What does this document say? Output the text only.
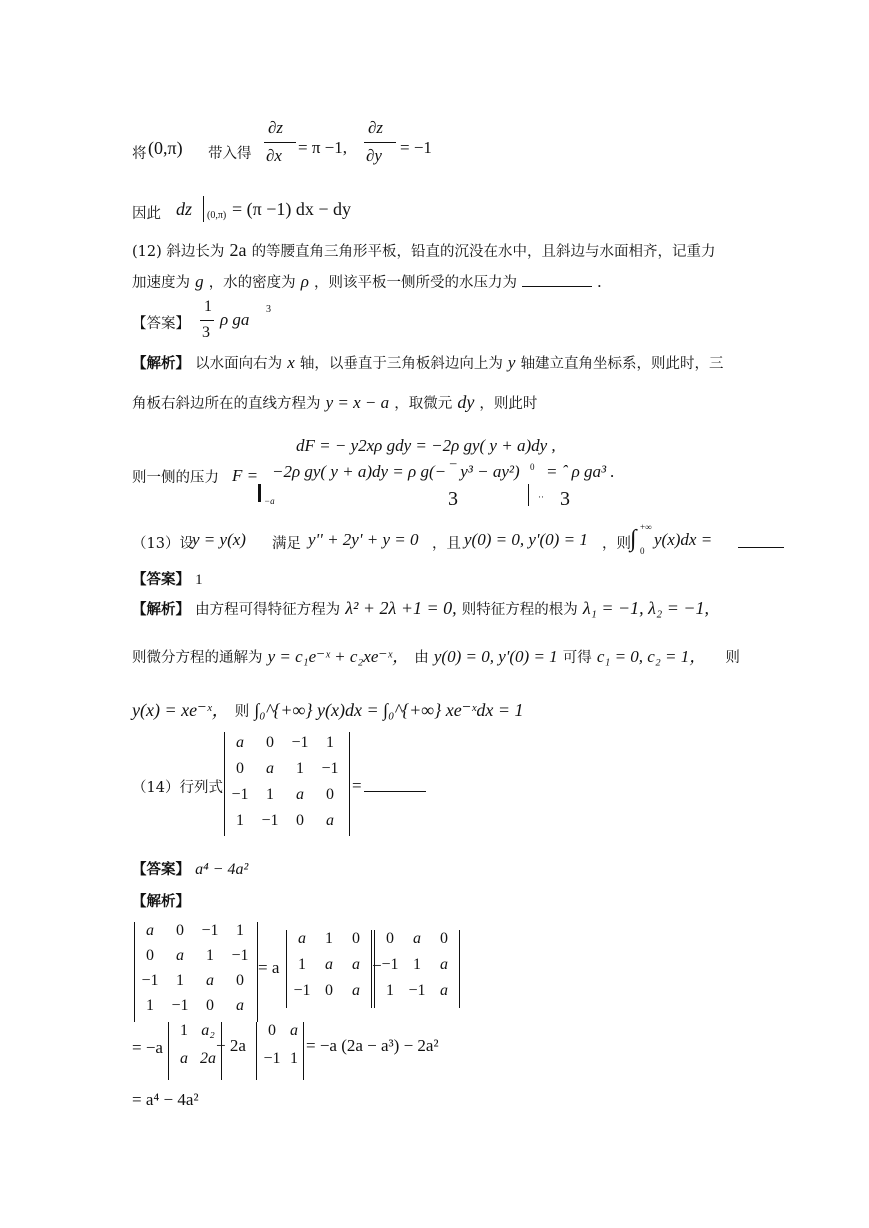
将 (0,π) 带入得
∂z
∂x = π −1,
∂z
∂y = −1
因此 dz (0,π) = (π −1) dx − dy
(12) 斜边长为 2a 的等腰直角三角形平板，铅直的沉没在水中，且斜边与水面相齐，记重力
加速度为 g ，水的密度为 ρ ，则该平板一侧所受的水压力为	.
【答案】
1
3
ρ ga
3
【解析】 以水面向右为 x 轴，以垂直于三角板斜边向上为 y 轴建立直角坐标系，则此时，三
角板右斜边所在的直线方程为 y = x − a ，取微元 dy ，则此时
dF = − y2xρ gdy = −2ρ gy( y + a)dy ,
则一侧的压力 F = −2ρ gy( y + a)dy = ρ g(− ‾ y³ − ay²) 0 = ˆ ρ ga³ .
−a	3	·· 3
（13）设
y = y(x) 满足 y'' + 2y' + y = 0 ，且 y(0) = 0, y'(0) = 1 ，则 ∫ +∞
0
y(x)dx =
【答案】 1
【解析】 由方程可得特征方程为 λ² + 2λ +1 = 0, 则特征方程的根为 λ₁ = −1, λ₂ = −1,
则微分方程的通解为 y = c₁e⁻ˣ + c₂xe⁻ˣ， 由 y(0) = 0, y'(0) = 1 可得 c₁ = 0, c₂ = 1， 则
y(x) = xe⁻ˣ， 则 ∫₀^{+∞} y(x)dx = ∫₀^{+∞} xe⁻ˣdx = 1
（14）行列式
a	0	−1	1
0	a	1	−1
−1	1	a	0
1	−1	0	a
=
【答案】 a⁴ − 4a²
【解析】
a	0	−1	1
0	a	1	−1
−1	1	a	0
1	−1	0	a
= a
a	1	0
1	a	a
−1 0	a
−
0	a	0
−1 1	a
1 −1 a
= −a
1 a₂
a 2a
− 2a
0 a
−1 1
= −a (2a − a³) − 2a²
= a⁴ − 4a²
